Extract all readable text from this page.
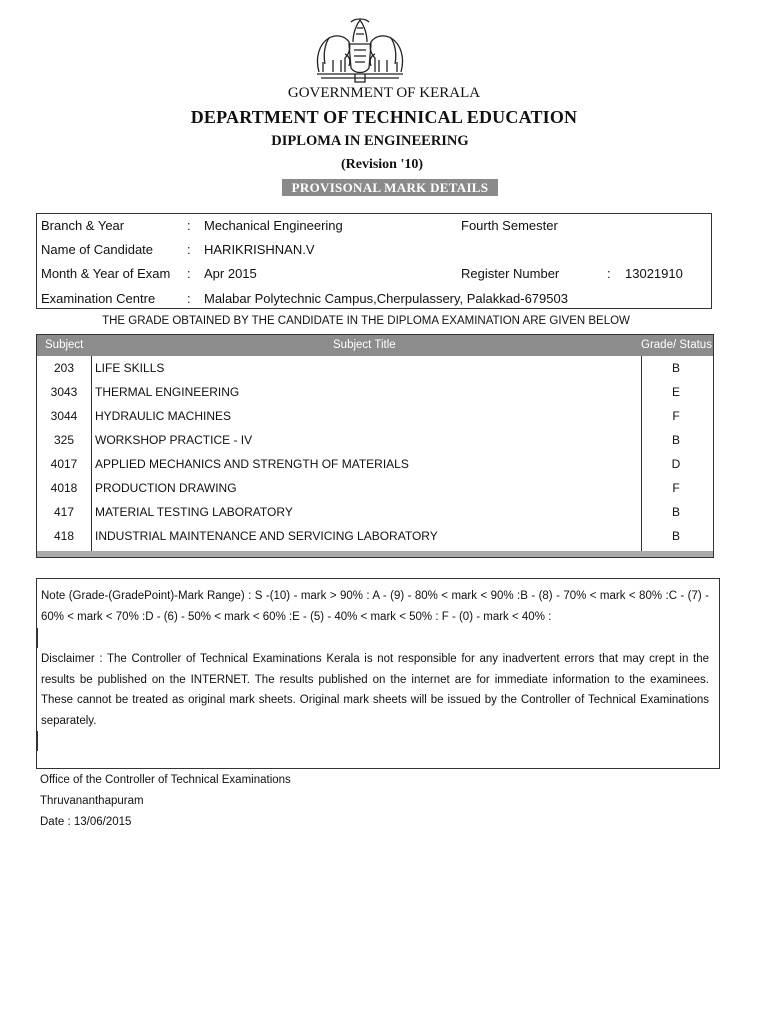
GOVERNMENT OF KERALA
DEPARTMENT OF TECHNICAL EDUCATION
DIPLOMA IN ENGINEERING
(Revision '10)
PROVISONAL MARK DETAILS
Branch & Year	: Mechanical Engineering	Fourth Semester
Name of Candidate	: HARIKRISHNAN.V
Month & Year of Exam : Apr 2015	Register Number	: 13021910
Examination Centre : Malabar Polytechnic Campus,Cherpulassery, Palakkad-679503
THE GRADE OBTAINED BY THE CANDIDATE IN THE DIPLOMA EXAMINATION ARE GIVEN BELOW
Subject	Subject Title	Grade/ Status
203	LIFE SKILLS	B
3043	THERMAL ENGINEERING	E
3044	HYDRAULIC MACHINES	F
325	WORKSHOP PRACTICE - IV	B
4017	APPLIED MECHANICS AND STRENGTH OF MATERIALS	D
4018	PRODUCTION DRAWING	F
417	MATERIAL TESTING LABORATORY	B
418	INDUSTRIAL MAINTENANCE AND SERVICING LABORATORY	B
Note (Grade-(GradePoint)-Mark Range) : S -(10) - mark > 90% : A - (9) - 80% < mark < 90% :B - (8) - 70% < mark < 80% :C - (7) - 60% < mark < 70% :D - (6) - 50% < mark < 60% :E - (5) - 40% < mark < 50% : F - (0) - mark < 40% :
Disclaimer : The Controller of Technical Examinations Kerala is not responsible for any inadvertent errors that may crept in the results be published on the INTERNET. The results published on the internet are for immediate information to the examinees. These cannot be treated as original mark sheets. Original mark sheets will be issued by the Controller of Technical Examinations separately.
Office of the Controller of Technical Examinations
Thruvananthapuram
Date : 13/06/2015
